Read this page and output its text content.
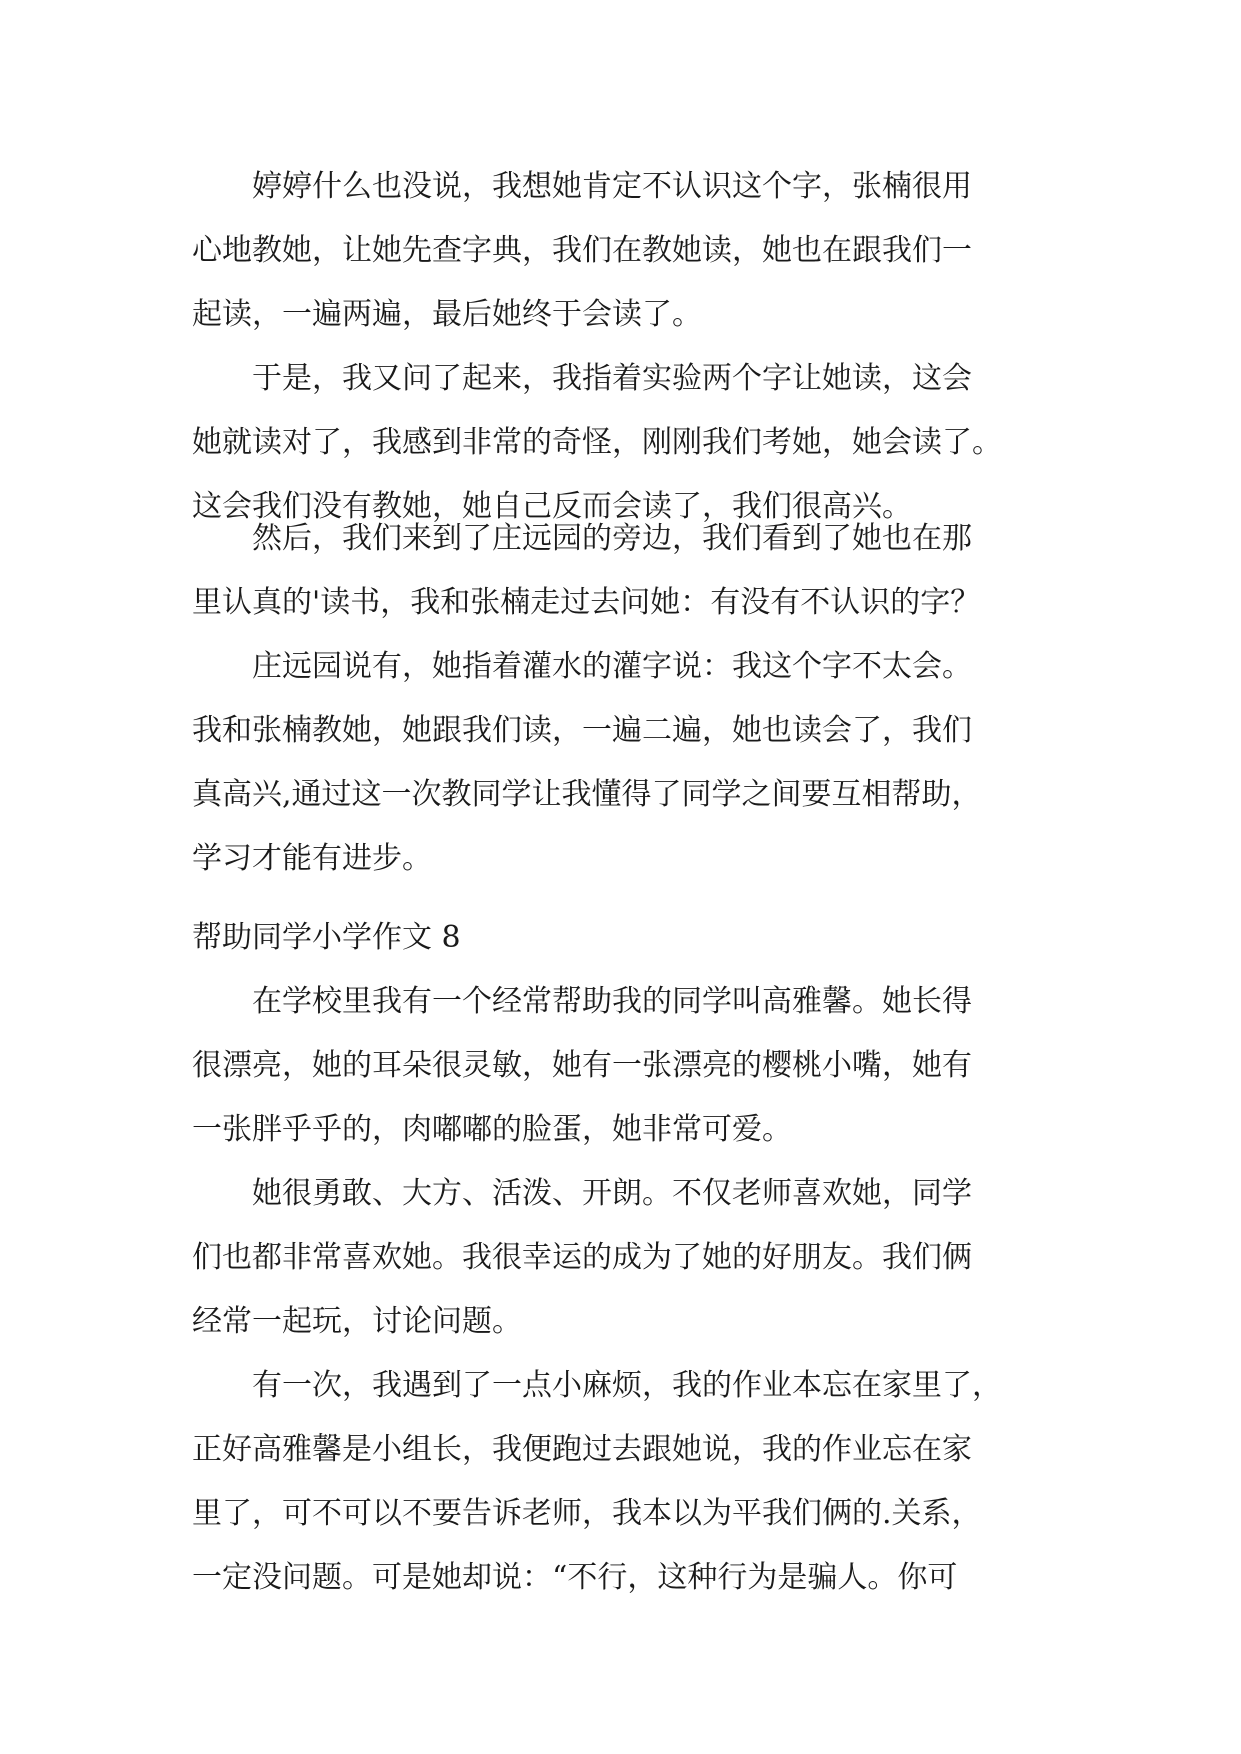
　　婷婷什么也没说，我想她肯定不认识这个字，张楠很用
心地教她，让她先查字典，我们在教她读，她也在跟我们一
起读，一遍两遍，最后她终于会读了。
　　于是，我又问了起来，我指着实验两个字让她读，这会
她就读对了，我感到非常的奇怪，刚刚我们考她，她会读了。
这会我们没有教她，她自己反而会读了，我们很高兴。
　　然后，我们来到了庄远园的旁边，我们看到了她也在那
里认真的'读书，我和张楠走过去问她：有没有不认识的字？
　　庄远园说有，她指着灌水的灌字说：我这个字不太会。
我和张楠教她，她跟我们读，一遍二遍，她也读会了，我们
真高兴,通过这一次教同学让我懂得了同学之间要互相帮助，
学习才能有进步。
帮助同学小学作文 8
　　在学校里我有一个经常帮助我的同学叫高雅馨。她长得
很漂亮，她的耳朵很灵敏，她有一张漂亮的樱桃小嘴，她有
一张胖乎乎的，肉嘟嘟的脸蛋，她非常可爱。
　　她很勇敢、大方、活泼、开朗。不仅老师喜欢她，同学
们也都非常喜欢她。我很幸运的成为了她的好朋友。我们俩
经常一起玩，讨论问题。
　　有一次，我遇到了一点小麻烦，我的作业本忘在家里了，
正好高雅馨是小组长，我便跑过去跟她说，我的作业忘在家
里了，可不可以不要告诉老师，我本以为平我们俩的.关系，
一定没问题。可是她却说：“不行，这种行为是骗人。你可
